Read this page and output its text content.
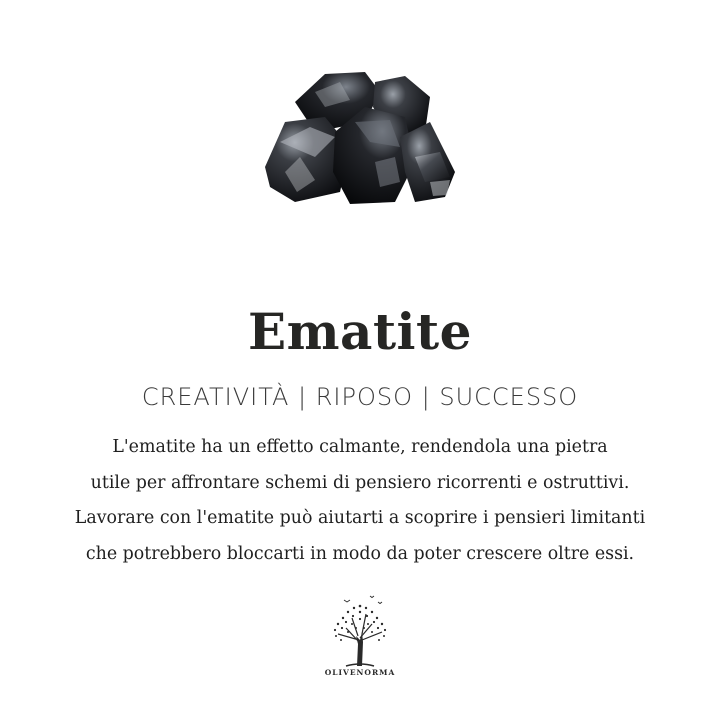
Ematite
CREATIVITÀ | RIPOSO | SUCCESSO
L'ematite ha un effetto calmante, rendendola una pietra
utile per affrontare schemi di pensiero ricorrenti e ostruttivi.
Lavorare con l'ematite può aiutarti a scoprire i pensieri limitanti
che potrebbero bloccarti in modo da poter crescere oltre essi.
OLIVENORMA
